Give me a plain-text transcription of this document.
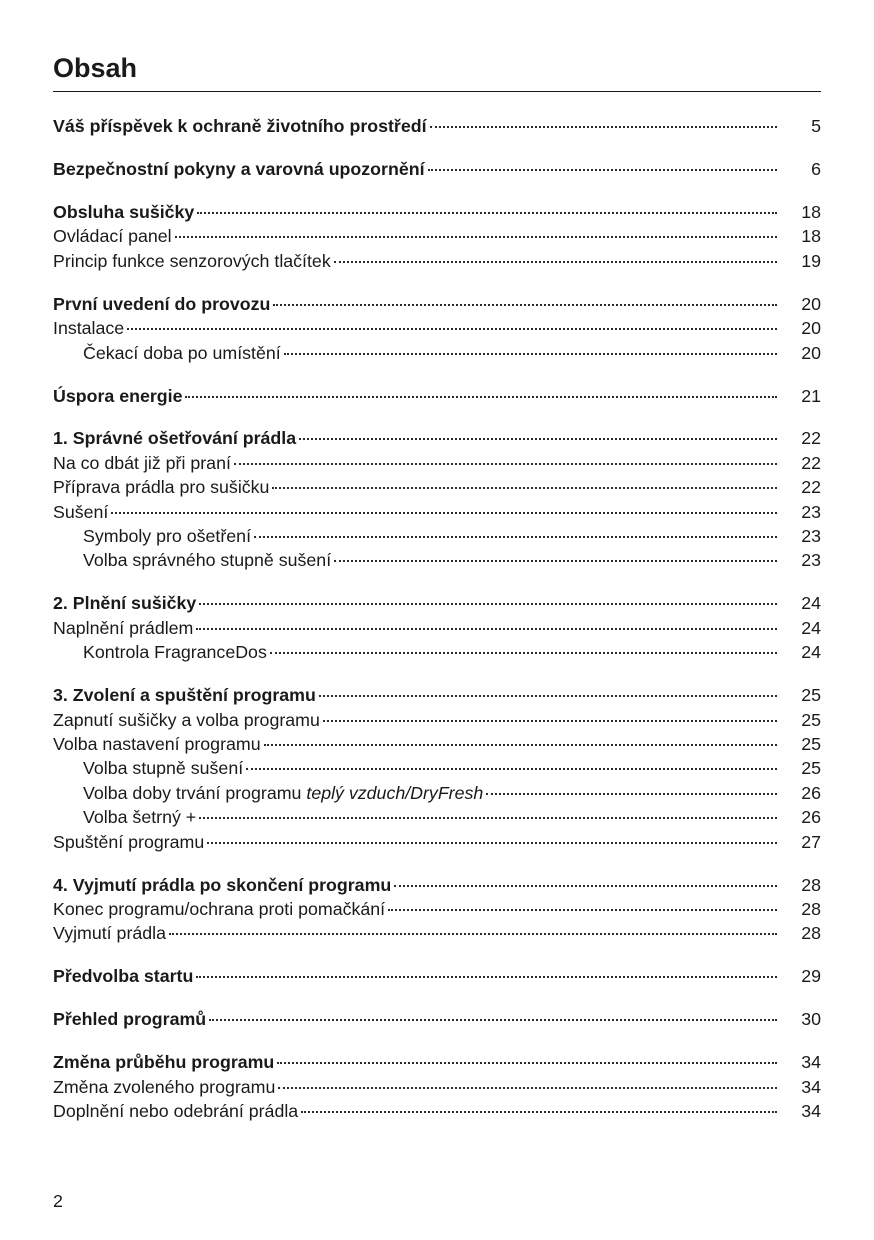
Obsah
Váš příspěvek k ochraně životního prostředí	5
Bezpečnostní pokyny a varovná upozornění	6
Obsluha sušičky	18
Ovládací panel	18
Princip funkce senzorových tlačítek	19
První uvedení do provozu	20
Instalace	20
Čekací doba po umístění	20
Úspora energie	21
1. Správné ošetřování prádla	22
Na co dbát již při praní	22
Příprava prádla pro sušičku	22
Sušení	23
Symboly pro ošetření	23
Volba správného stupně sušení	23
2. Plnění sušičky	24
Naplnění prádlem	24
Kontrola FragranceDos	24
3. Zvolení a spuštění programu	25
Zapnutí sušičky a volba programu	25
Volba nastavení programu	25
Volba stupně sušení	25
Volba doby trvání programu teplý vzduch/DryFresh	26
Volba šetrný +	26
Spuštění programu	27
4. Vyjmutí prádla po skončení programu	28
Konec programu/ochrana proti pomačkání	28
Vyjmutí prádla	28
Předvolba startu	29
Přehled programů	30
Změna průběhu programu	34
Změna zvoleného programu	34
Doplnění nebo odebrání prádla	34
2
